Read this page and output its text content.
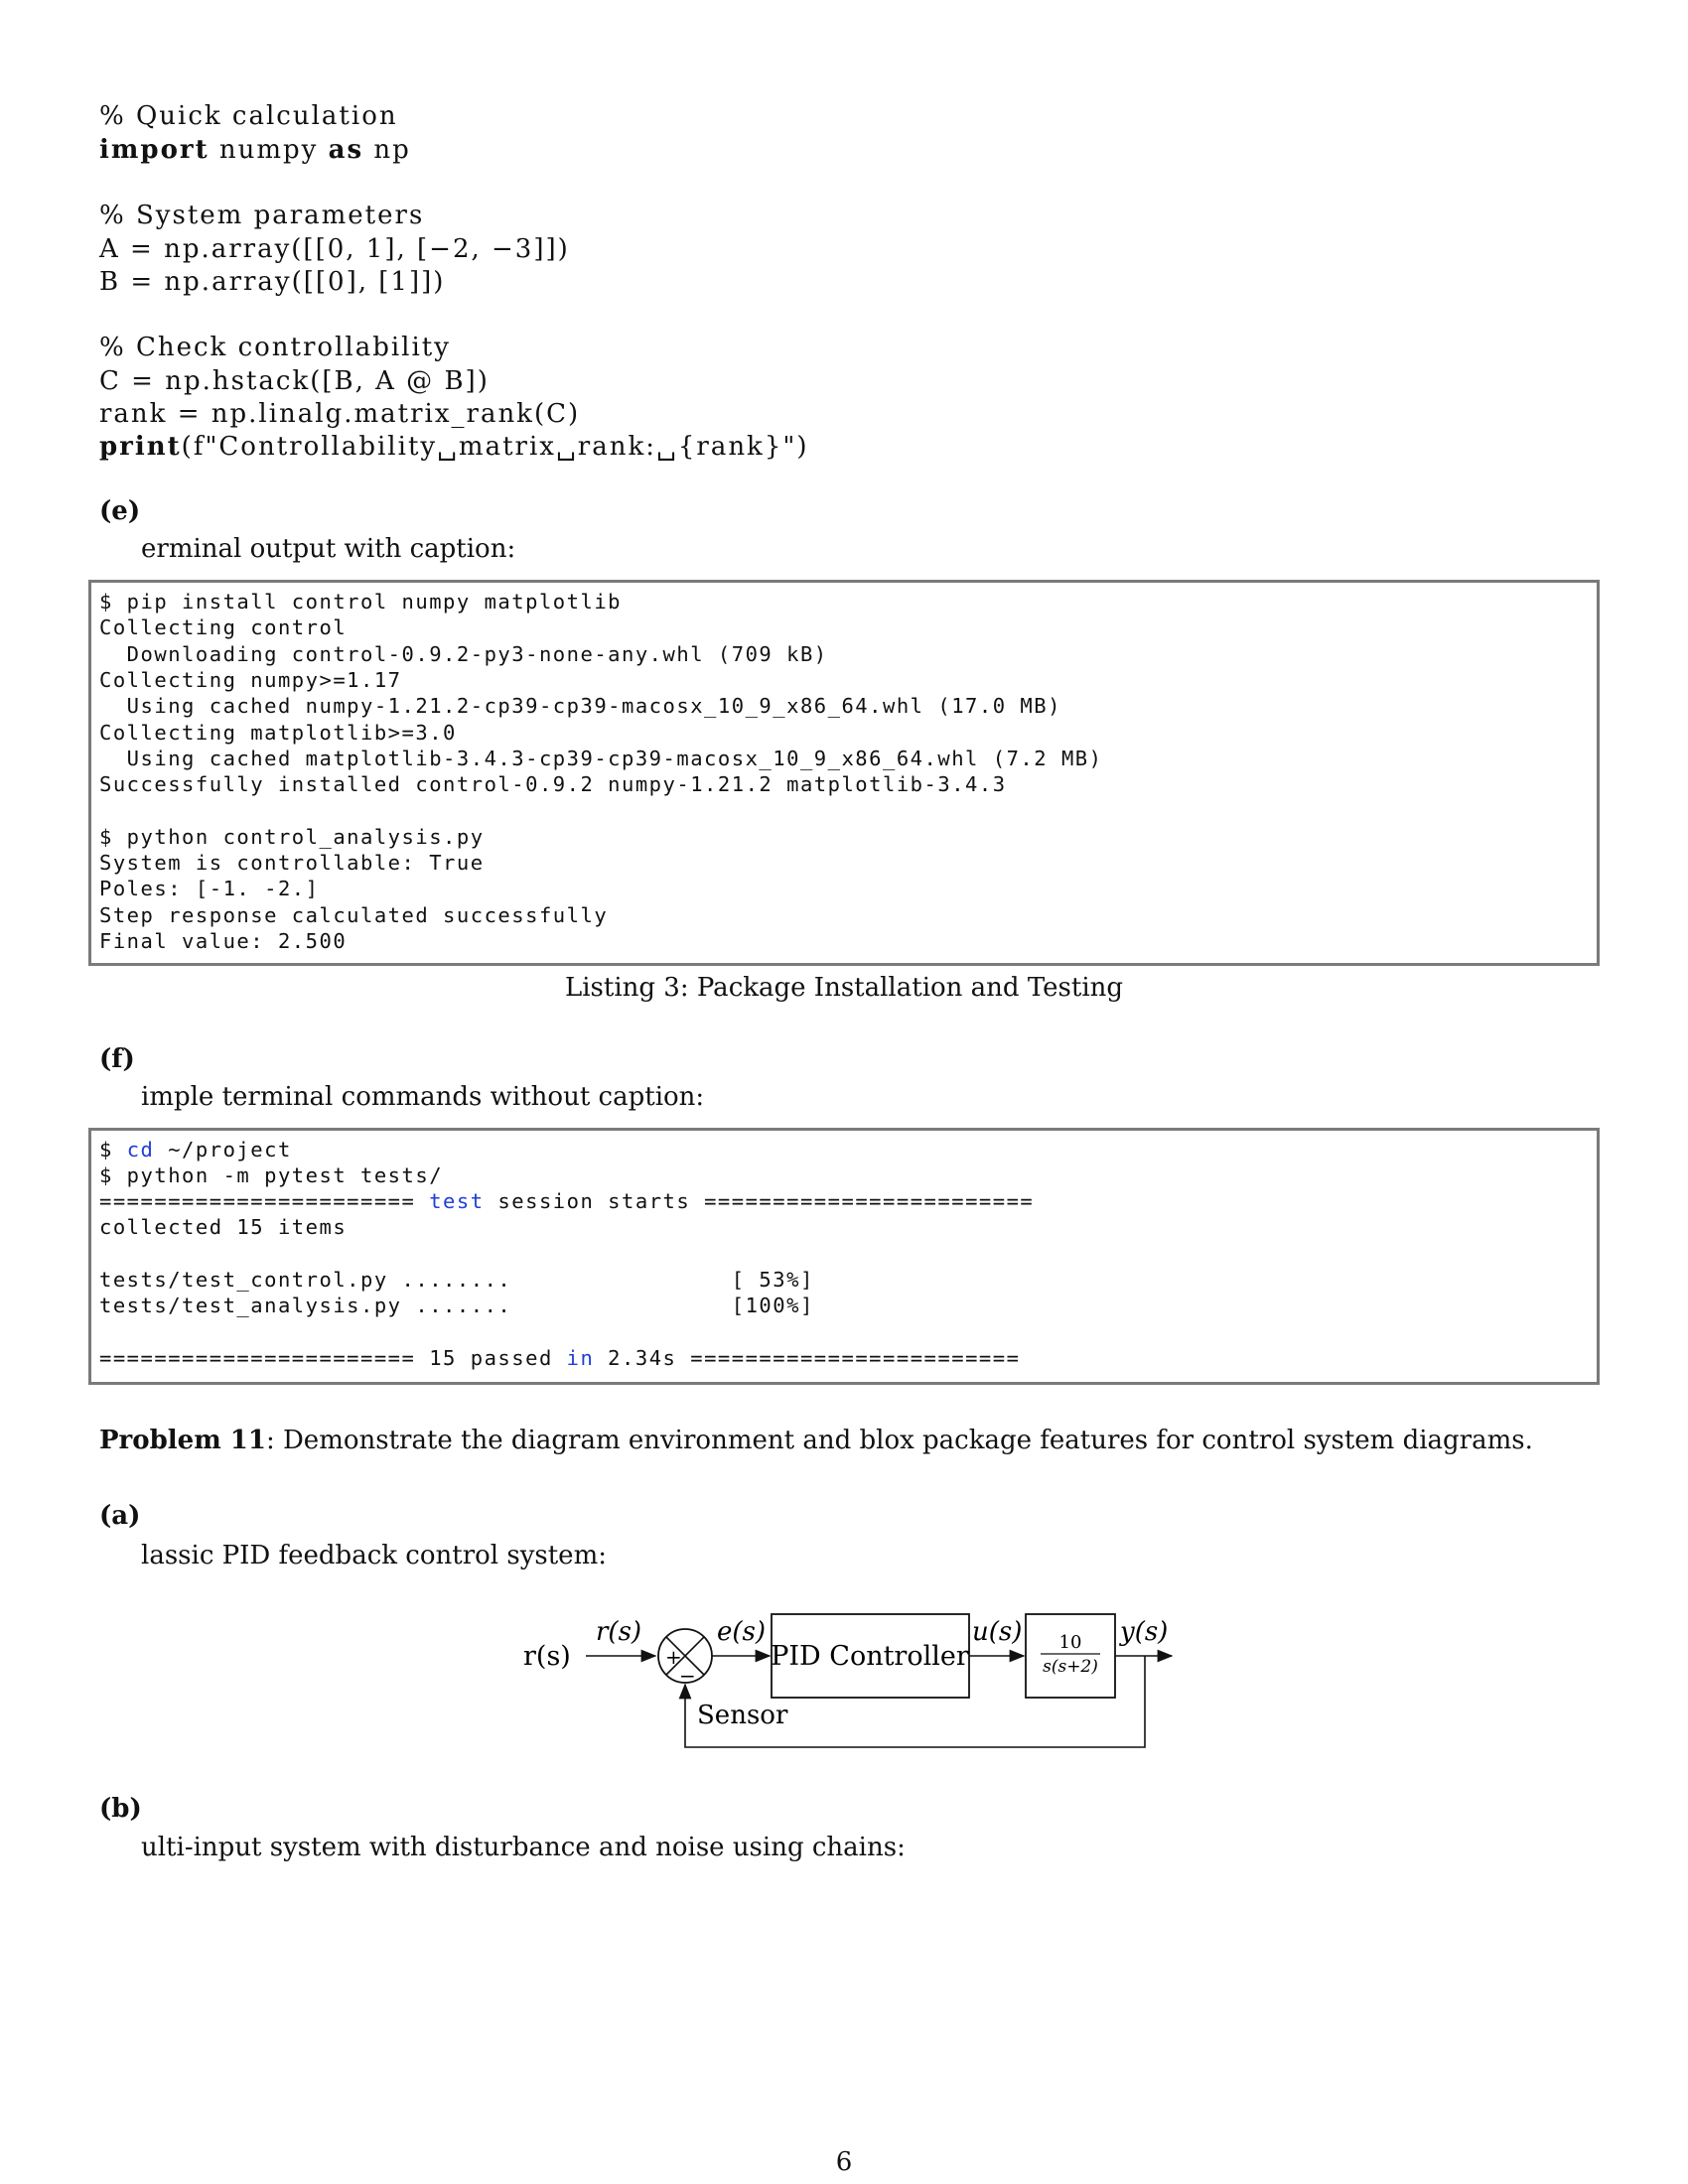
% Quick calculation
import numpy as np
% System parameters
A = np.array([[0, 1], [−2, −3]])
B = np.array([[0], [1]])
% Check controllability
C = np.hstack([B, A @ B])
rank = np.linalg.matrix_rank(C)
print(f"Controllability␣matrix␣rank:␣{rank}")
(e)
erminal output with caption:
$ pip install control numpy matplotlib
Collecting control
Downloading control-0.9.2-py3-none-any.whl (709 kB)
Collecting numpy>=1.17
Using cached numpy-1.21.2-cp39-cp39-macosx_10_9_x86_64.whl (17.0 MB)
Collecting matplotlib>=3.0
Using cached matplotlib-3.4.3-cp39-cp39-macosx_10_9_x86_64.whl (7.2 MB)
Successfully installed control-0.9.2 numpy-1.21.2 matplotlib-3.4.3
$ python control_analysis.py
System is controllable: True
Poles: [-1. -2.]
Step response calculated successfully
Final value: 2.500
Listing 3: Package Installation and Testing
(f)
imple terminal commands without caption:
$ cd ~/project
$ python -m pytest tests/
======================= test session starts ========================
collected 15 items
tests/test_control.py ........                [ 53%]
tests/test_analysis.py .......                [100%]
======================= 15 passed in 2.34s ========================
Problem 11: Demonstrate the diagram environment and blox package features for control system diagrams.
(a)
lassic PID feedback control system:
r(s)
r(s)
+
−
e(s)
PID Controller
u(s) 10
s(s+2)
y(s)
Sensor
(b)
ulti-input system with disturbance and noise using chains:
6
